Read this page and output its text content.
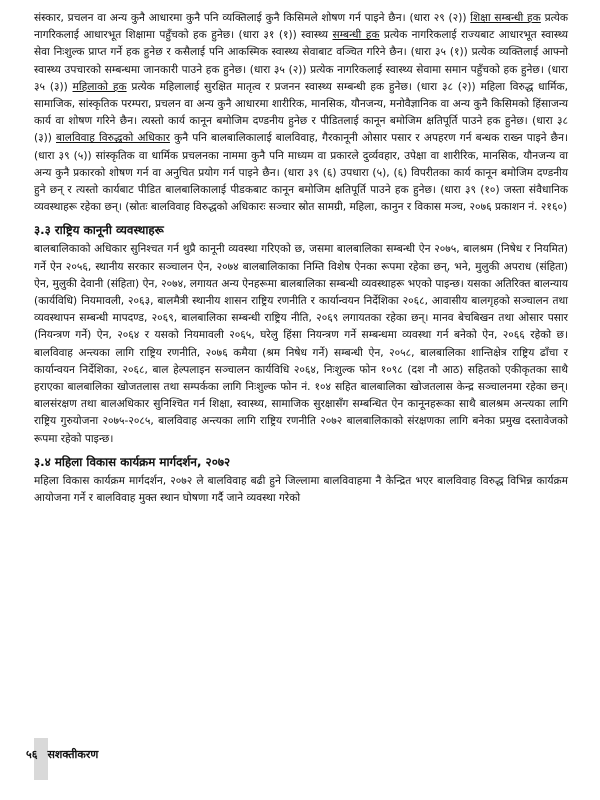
संस्कार, प्रचलन वा अन्य कुनै आधारमा कुनै पनि व्यक्तिलाई कुनै किसिमले शोषण गर्न पाइने छैन। (धारा २९ (२)) शिक्षा सम्बन्धी हक प्रत्येक नागरिकलाई आधारभूत शिक्षामा पहुँचको हक हुनेछ। (धारा ३१ (१)) स्वास्थ्य सम्बन्धी हक प्रत्येक नागरिकलाई राज्यबाट आधारभूत स्वास्थ्य सेवा निःशुल्क प्राप्त गर्ने हक हुनेछ र कसैलाई पनि आकस्मिक स्वास्थ्य सेवाबाट वञ्चित गरिने छैन। (धारा ३५ (१)) प्रत्येक व्यक्तिलाई आफ्नो स्वास्थ्य उपचारको सम्बन्धमा जानकारी पाउने हक हुनेछ। (धारा ३५ (२)) प्रत्येक नागरिकलाई स्वास्थ्य सेवामा समान पहुँचको हक हुनेछ। (धारा ३५ (३)) महिलाको हक प्रत्येक महिलालाई सुरक्षित मातृत्व र प्रजनन स्वास्थ्य सम्बन्धी हक हुनेछ। (धारा ३८ (२)) महिला विरुद्ध धार्मिक, सामाजिक, सांस्कृतिक परम्परा, प्रचलन वा अन्य कुनै आधारमा शारीरिक, मानसिक, यौनजन्य, मनोवैज्ञानिक वा अन्य कुनै किसिमको हिंसाजन्य कार्य वा शोषण गरिने छैन। त्यस्तो कार्य कानून बमोजिम दण्डनीय हुनेछ र पीडितलाई कानून बमोजिम क्षतिपूर्ति पाउने हक हुनेछ। (धारा ३८ (३)) बालविवाह विरुद्धको अधिकार कुनै पनि बालबालिकालाई बालविवाह, गैरकानूनी ओसार पसार र अपहरण गर्न बन्धक राख्न पाइने छैन। (धारा ३९ (५)) सांस्कृतिक वा धार्मिक प्रचलनका नाममा कुनै पनि माध्यम वा प्रकारले दुर्व्यवहार, उपेक्षा वा शारीरिक, मानसिक, यौनजन्य वा अन्य कुनै प्रकारको शोषण गर्न वा अनुचित प्रयोग गर्न पाइने छैन। (धारा ३९ (६) उपधारा (५), (६) विपरीतका कार्य कानून बमोजिम दण्डनीय हुने छन् र त्यस्तो कार्यबाट पीडित बालबालिकालाई पीडकबाट कानून बमोजिम क्षतिपूर्ति पाउने हक हुनेछ। (धारा ३९ (१०) जस्ता संवैधानिक व्यवस्थाहरू रहेका छन्। (स्रोतः बालविवाह विरुद्धको अधिकारः सञ्चार स्रोत सामग्री, महिला, कानुन र विकास मञ्च, २०७६ प्रकाशन नं. २१६०)

३.३ राष्ट्रिय कानूनी व्यवस्थाहरू

बालबालिकाको अधिकार सुनिश्चत गर्न थुप्रै कानूनी व्यवस्था गरिएको छ, जसमा बालबालिका सम्बन्धी ऐन २०७५, बालश्रम (निषेध र नियमित) गर्ने ऐन २०५६, स्थानीय सरकार सञ्चालन ऐन, २०७४ बालबालिकाका निम्ति विशेष ऐनका रूपमा रहेका छन्, भने, मुलुकी अपराध (संहिता) ऐन, मुलुकी देवानी (संहिता) ऐन, २०७४, लगायत अन्य ऐनहरूमा बालबालिका सम्बन्धी व्यवस्थाहरू भएको पाइन्छ। यसका अतिरिक्त बालन्याय (कार्यविधि) नियमावली, २०६३, बालमैत्री स्थानीय शासन राष्ट्रिय रणनीति र कार्यान्वयन निर्देशिका २०६८, आवासीय बालगृहको सञ्चालन तथा व्यवस्थापन सम्बन्धी मापदण्ड, २०६९, बालबालिका सम्बन्धी राष्ट्रिय नीति, २०६९ लगायतका रहेका छन्। मानव बेचबिखन तथा ओसार पसार (नियन्त्रण गर्ने) ऐन, २०६४ र यसको नियमावली २०६५, घरेलु हिंसा नियन्त्रण गर्ने सम्बन्धमा व्यवस्था गर्न बनेको ऐन, २०६६ रहेको छ। बालविवाह अन्त्यका लागि राष्ट्रिय रणनीति, २०७६ कमैया (श्रम निषेध गर्ने) सम्बन्धी ऐन, २०५८, बालबालिका शान्तिक्षेत्र राष्ट्रिय ढाँचा र कार्यान्वयन निर्देशिका, २०६८, बाल हेल्पलाइन सञ्चालन कार्यविधि २०६४, निःशुल्क फोन १०९८ (दश नौ आठ) सहितको एकीकृतका साथै हराएका बालबालिका खोजतलास तथा सम्पर्कका लागि निःशुल्क फोन नं. १०४ सहित बालबालिका खोजतलास केन्द्र सञ्चालनमा रहेका छन्। बालसंरक्षण तथा बालअधिकार सुनिश्चित गर्न शिक्षा, स्वास्थ्य, सामाजिक सुरक्षासँग सम्बन्धित ऐन कानूनहरूका साथै बालश्रम अन्त्यका लागि राष्ट्रिय गुरुयोजना २०७५-२०८५, बालविवाह अन्त्यका लागि राष्ट्रिय रणनीति २०७२ बालबालिकाको संरक्षणका लागि बनेका प्रमुख दस्तावेजको रूपमा रहेको पाइन्छ।

३.४ महिला विकास कार्यक्रम मार्गदर्शन, २०७२

महिला विकास कार्यक्रम मार्गदर्शन, २०७२ ले बालविवाह बढी हुने जिल्लामा बालविवाहमा नै केन्द्रित भएर बालविवाह विरुद्ध विभिन्न कार्यक्रम आयोजना गर्ने र बालविवाह मुक्त स्थान घोषणा गर्दै जाने व्यवस्था गरेको

५६ सशक्तीकरण
